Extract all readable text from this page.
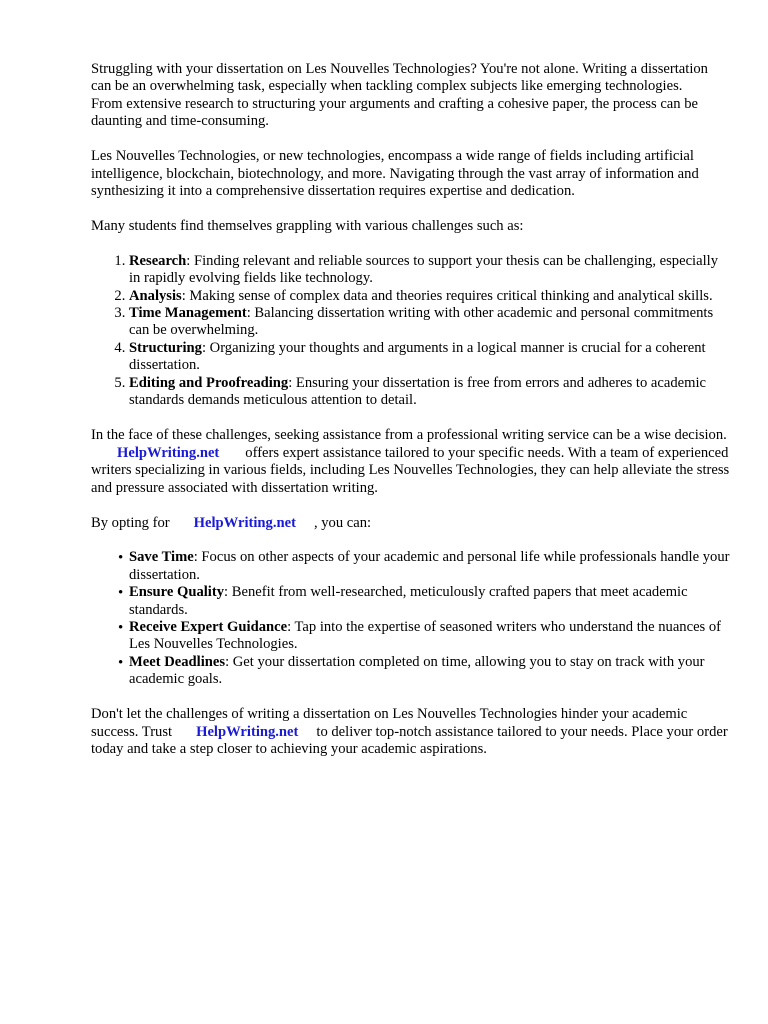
Struggling with your dissertation on Les Nouvelles Technologies? You're not alone. Writing a dissertation can be an overwhelming task, especially when tackling complex subjects like emerging technologies. From extensive research to structuring your arguments and crafting a cohesive paper, the process can be daunting and time-consuming.

Les Nouvelles Technologies, or new technologies, encompass a wide range of fields including artificial intelligence, blockchain, biotechnology, and more. Navigating through the vast array of information and synthesizing it into a comprehensive dissertation requires expertise and dedication.

Many students find themselves grappling with various challenges such as:

1. Research: Finding relevant and reliable sources to support your thesis can be challenging, especially in rapidly evolving fields like technology.
2. Analysis: Making sense of complex data and theories requires critical thinking and analytical skills.
3. Time Management: Balancing dissertation writing with other academic and personal commitments can be overwhelming.
4. Structuring: Organizing your thoughts and arguments in a logical manner is crucial for a coherent dissertation.
5. Editing and Proofreading: Ensuring your dissertation is free from errors and adheres to academic standards demands meticulous attention to detail.

In the face of these challenges, seeking assistance from a professional writing service can be a wise decision.HelpWriting.net offers expert assistance tailored to your specific needs. With a team of experienced writers specializing in various fields, including Les Nouvelles Technologies, they can help alleviate the stress and pressure associated with dissertation writing.

By opting for HelpWriting.net , you can:

• Save Time: Focus on other aspects of your academic and personal life while professionals handle your dissertation.
• Ensure Quality: Benefit from well-researched, meticulously crafted papers that meet academic standards.
• Receive Expert Guidance: Tap into the expertise of seasoned writers who understand the nuances of Les Nouvelles Technologies.
• Meet Deadlines: Get your dissertation completed on time, allowing you to stay on track with your academic goals.

Don't let the challenges of writing a dissertation on Les Nouvelles Technologies hinder your academic success. Trust HelpWriting.net to deliver top-notch assistance tailored to your needs. Place your order today and take a step closer to achieving your academic aspirations.
